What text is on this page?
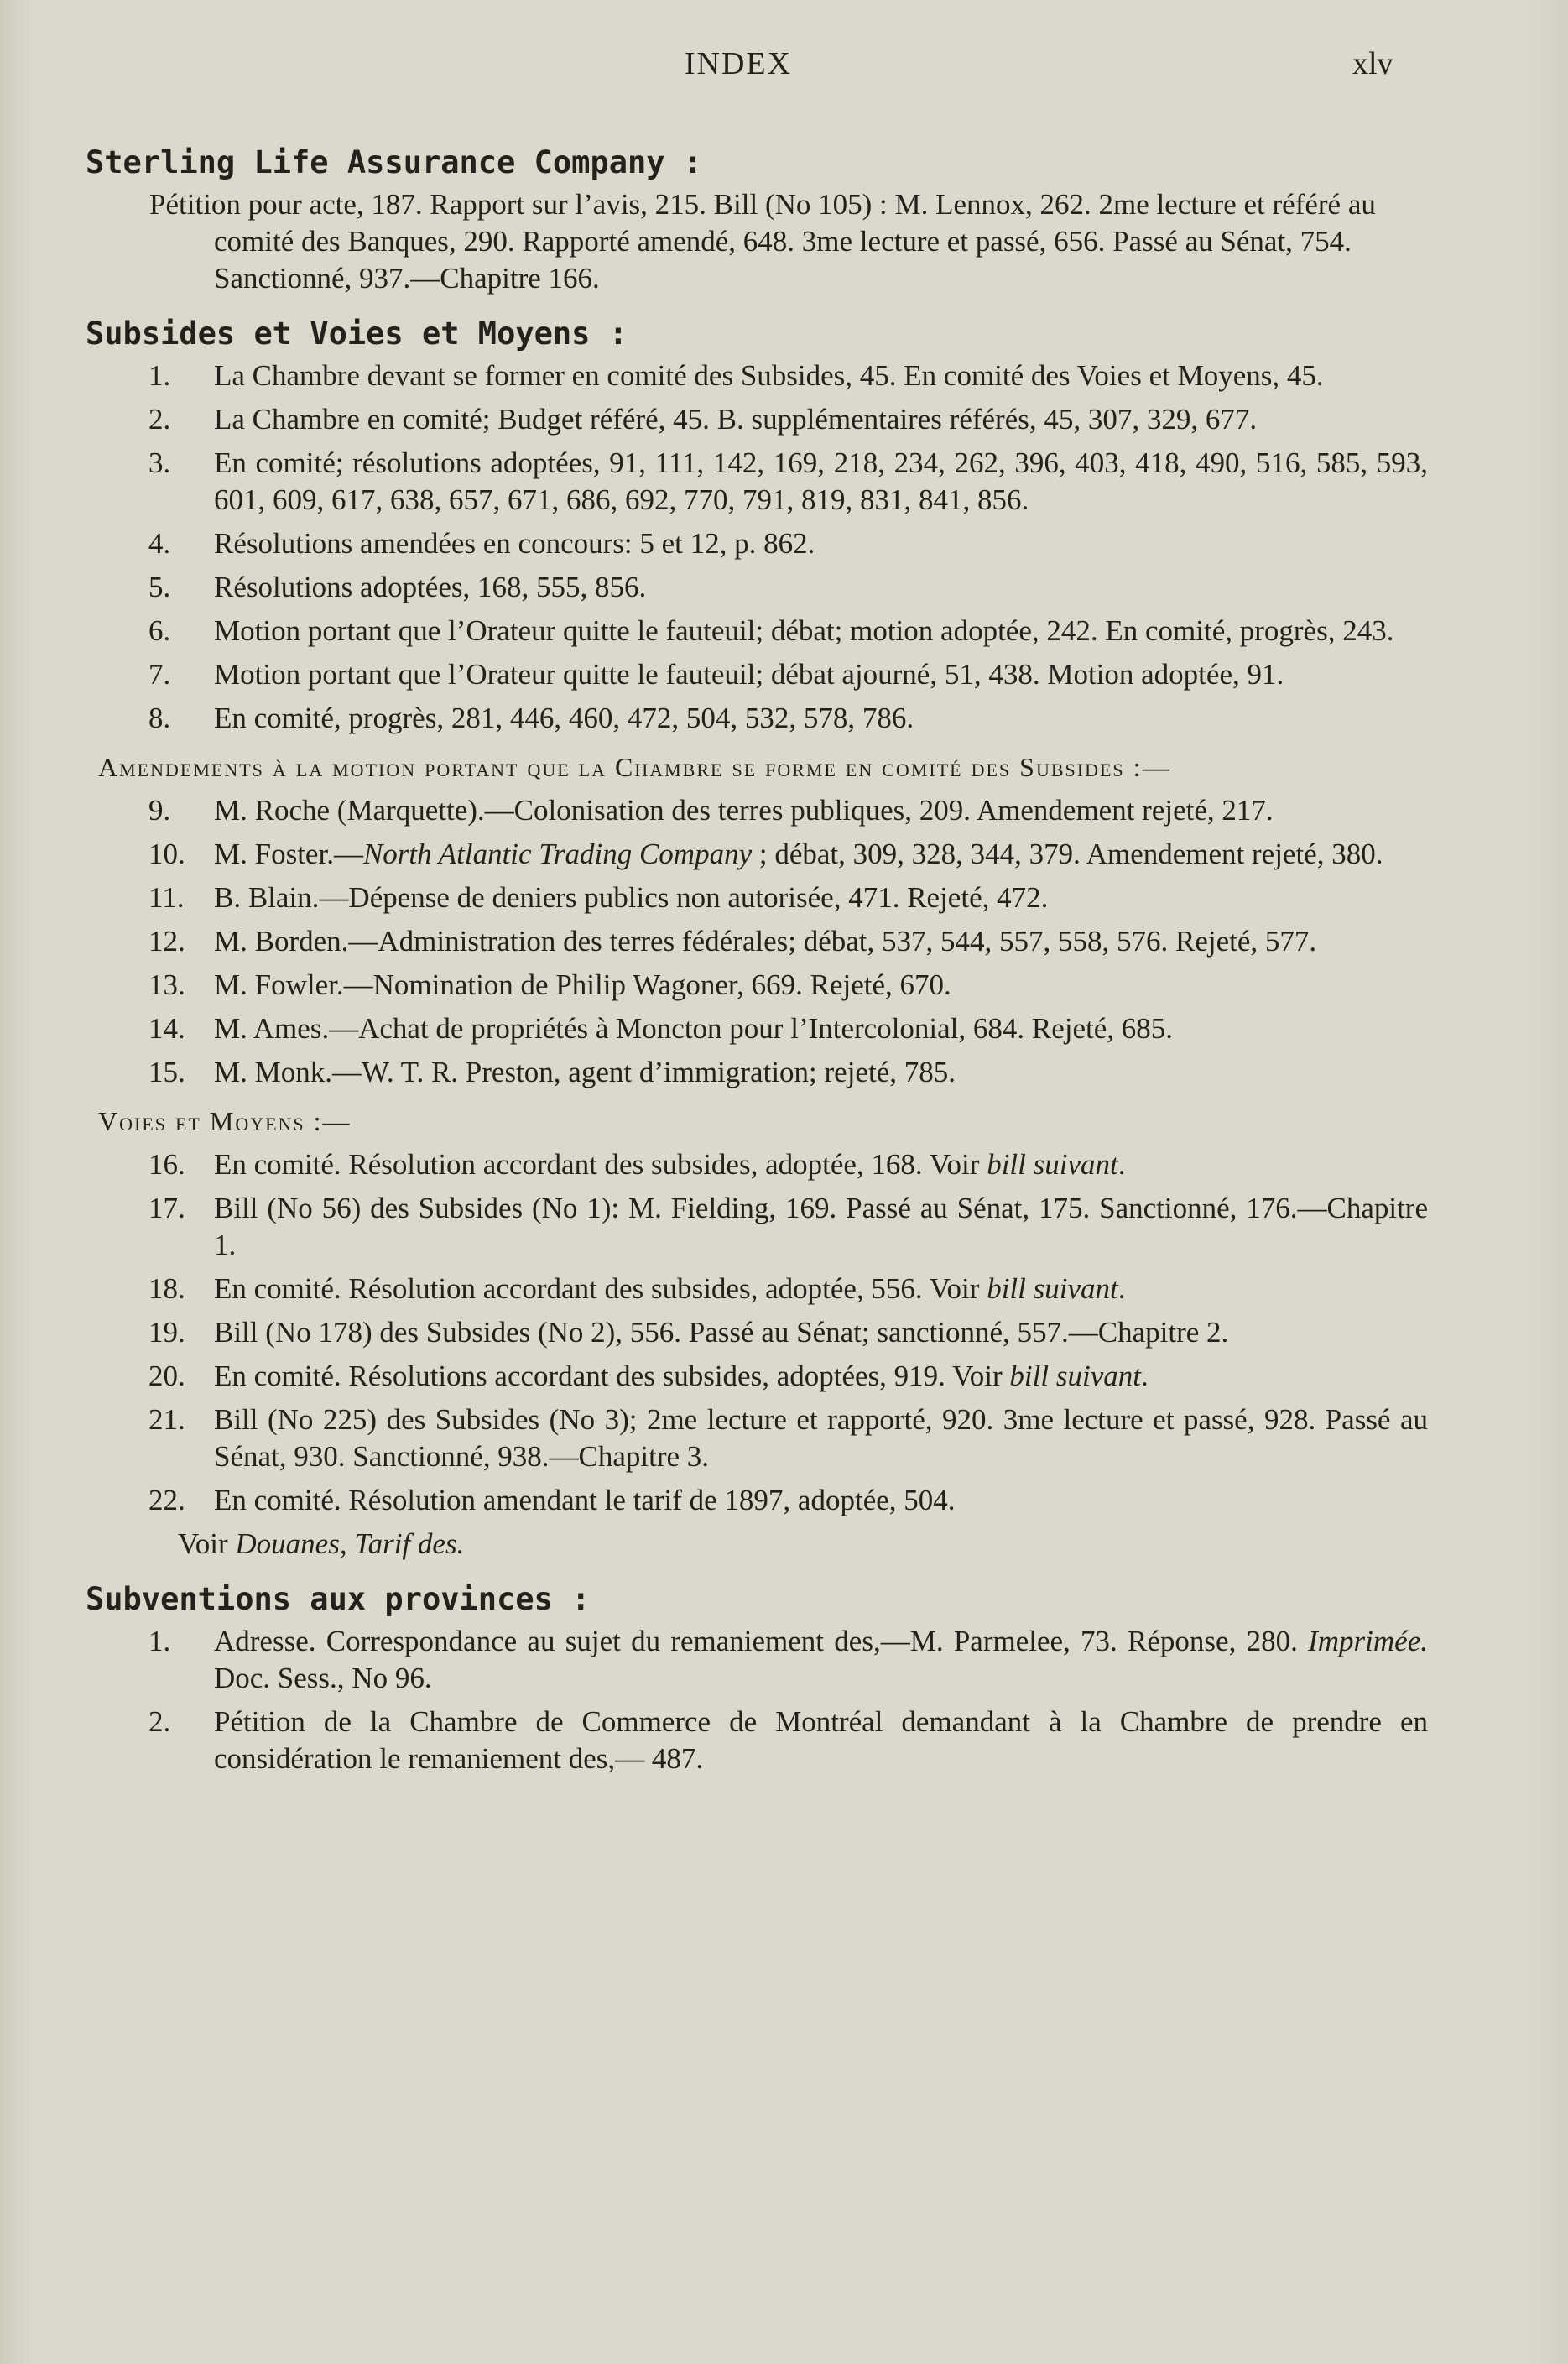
INDEX	xlv
Sterling Life Assurance Company :
Pétition pour acte, 187. Rapport sur l’avis, 215. Bill (No 105) : M. Lennox, 262. 2me lecture et référé au comité des Banques, 290. Rapporté amendé, 648. 3me lecture et passé, 656. Passé au Sénat, 754. Sanctionné, 937.—Chapitre 166.
Subsides et Voies et Moyens :
1.	La Chambre devant se former en comité des Subsides, 45. En comité des Voies et Moyens, 45.
2.	La Chambre en comité; Budget référé, 45. B. supplémentaires référés, 45, 307, 329, 677.
3.	En comité; résolutions adoptées, 91, 111, 142, 169, 218, 234, 262, 396, 403, 418, 490, 516, 585, 593, 601, 609, 617, 638, 657, 671, 686, 692, 770, 791, 819, 831, 841, 856.
4.	Résolutions amendées en concours: 5 et 12, p. 862.
5.	Résolutions adoptées, 168, 555, 856.
6.	Motion portant que l’Orateur quitte le fauteuil; débat; motion adoptée, 242. En comité, progrès, 243.
7.	Motion portant que l’Orateur quitte le fauteuil; débat ajourné, 51, 438. Motion adoptée, 91.
8.	En comité, progrès, 281, 446, 460, 472, 504, 532, 578, 786.
Amendements à la motion portant que la Chambre se forme en comité des Subsides :—
9.	M. Roche (Marquette).—Colonisation des terres publiques, 209. Amendement rejeté, 217.
10. M. Foster.—North Atlantic Trading Company ; débat, 309, 328, 344, 379. Amendement rejeté, 380.
11.	B. Blain.—Dépense de deniers publics non autorisée, 471. Rejeté, 472.
12. M. Borden.—Administration des terres fédérales; débat, 537, 544, 557, 558, 576. Rejeté, 577.
13. M. Fowler.—Nomination de Philip Wagoner, 669. Rejeté, 670.
14. M. Ames.—Achat de propriétés à Moncton pour l’Intercolonial, 684. Rejeté, 685.
15. M. Monk.—W. T. R. Preston, agent d’immigration; rejeté, 785.
Voies et Moyens :—
16. En comité. Résolution accordant des subsides, adoptée, 168. Voir bill suivant.
17. Bill (No 56) des Subsides (No 1): M. Fielding, 169. Passé au Sénat, 175. Sanctionné, 176.—Chapitre 1.
18. En comité. Résolution accordant des subsides, adoptée, 556. Voir bill suivant.
19. Bill (No 178) des Subsides (No 2), 556. Passé au Sénat; sanctionné, 557.—Chapitre 2.
20. En comité. Résolutions accordant des subsides, adoptées, 919. Voir bill suivant.
21. Bill (No 225) des Subsides (No 3); 2me lecture et rapporté, 920. 3me lecture et passé, 928. Passé au Sénat, 930. Sanctionné, 938.—Chapitre 3.
22. En comité. Résolution amendant le tarif de 1897, adoptée, 504.
Voir Douanes, Tarif des.
Subventions aux provinces :
1.	Adresse. Correspondance au sujet du remaniement des,—M. Parmelee, 73. Réponse, 280. Imprimée. Doc. Sess., No 96.
2.	Pétition de la Chambre de Commerce de Montréal demandant à la Chambre de prendre en considération le remaniement des,— 487.
